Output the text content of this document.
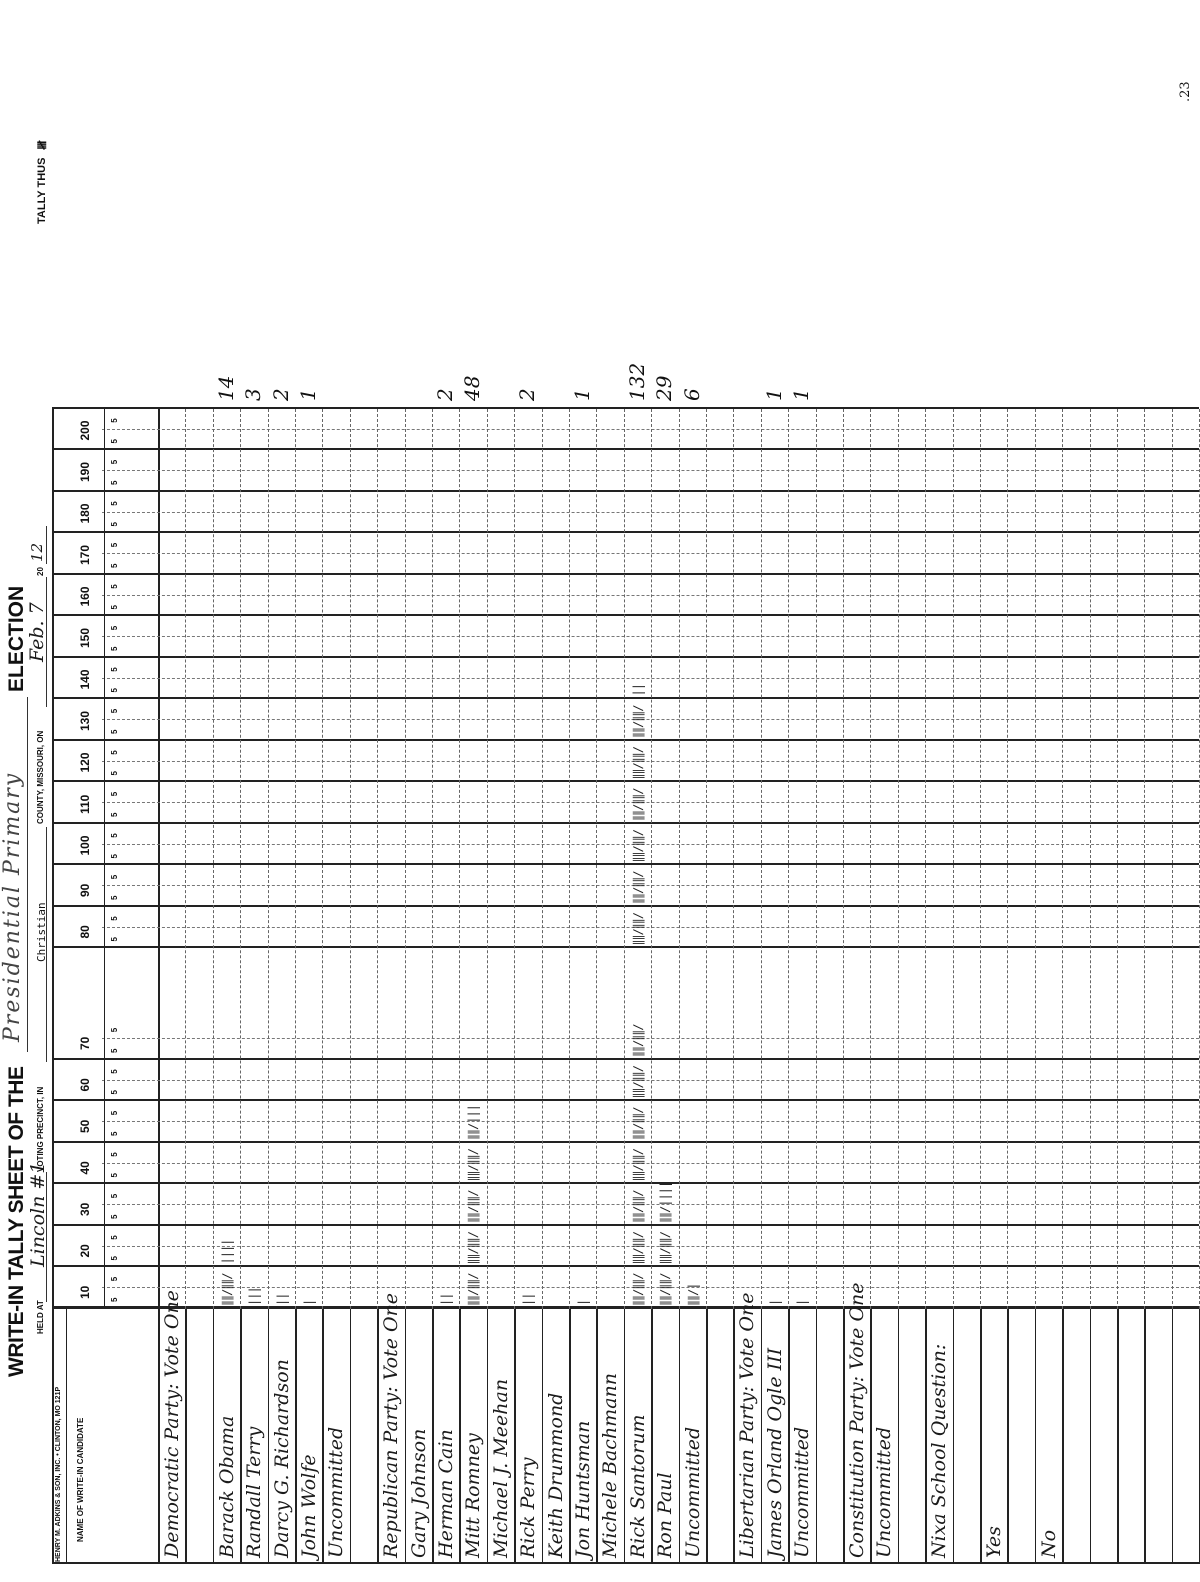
WRITE-IN TALLY SHEET OF THE
Presidential Primary
ELECTION
HELD AT
Lincoln #1
VOTING PRECINCT, IN
Christian
COUNTY, MISSOURI, ON
Feb. 7
20
12
TALLY THUS
𝍸
HENRY M. ADKINS & SON, INC. • CLINTON, MO 121P NAME OF WRITE-IN CANDIDATE
10
5
5
20
5
5
30
5
5
40
5
5
50
5
5
60
5
5
70
5
5
80
5
5
90
5
5
100
5
5
110
5
5
120
5
5
130
5
5
140
5
5
150
5
5
160
5
5
170
5
5
180
5
5
190
5
5
200
5
5
Democratic Party: Vote One Barack Obama
∥∥∕∥∥∕
||||
14
Randall Terry
|||
3
Darcy G. Richardson
||
2
John Wolfe
|
1
Uncommitted Republican Party: Vote One Gary Johnson Herman Cain
||
2
Mitt Romney
∥∥∕∥∥∕
∥∥∕∥∥∕
∥∥∕∥∥∕
∥∥∕∥∥∕
∥∥∕|||
48
Michael J. Meehan Rick Perry
||
2
Keith Drummond Jon Huntsman
|
1
Michele Bachmann Rick Santorum
∥∥∕∥∥∕
∥∥∕∥∥∕
∥∥∕∥∥∕
∥∥∕∥∥∕
∥∥∕∥∥∕
∥∥∕∥∥∕
∥∥∕∥∥∕
∥∥∕∥∥∕
∥∥∕∥∥∕
∥∥∕∥∥∕
∥∥∕∥∥∕
∥∥∕∥∥∕
∥∥∕∥∥∕
||
132
Ron Paul
∥∥∕∥∥∕
∥∥∕∥∥∕
∥∥∕||||
29
Uncommitted
∥∥∕|
6
Libertarian Party: Vote One James Orland Ogle III
|
1
Uncommitted
|
1
Constitution Party: Vote One Uncommitted Nixa School Question: Yes No
.23
